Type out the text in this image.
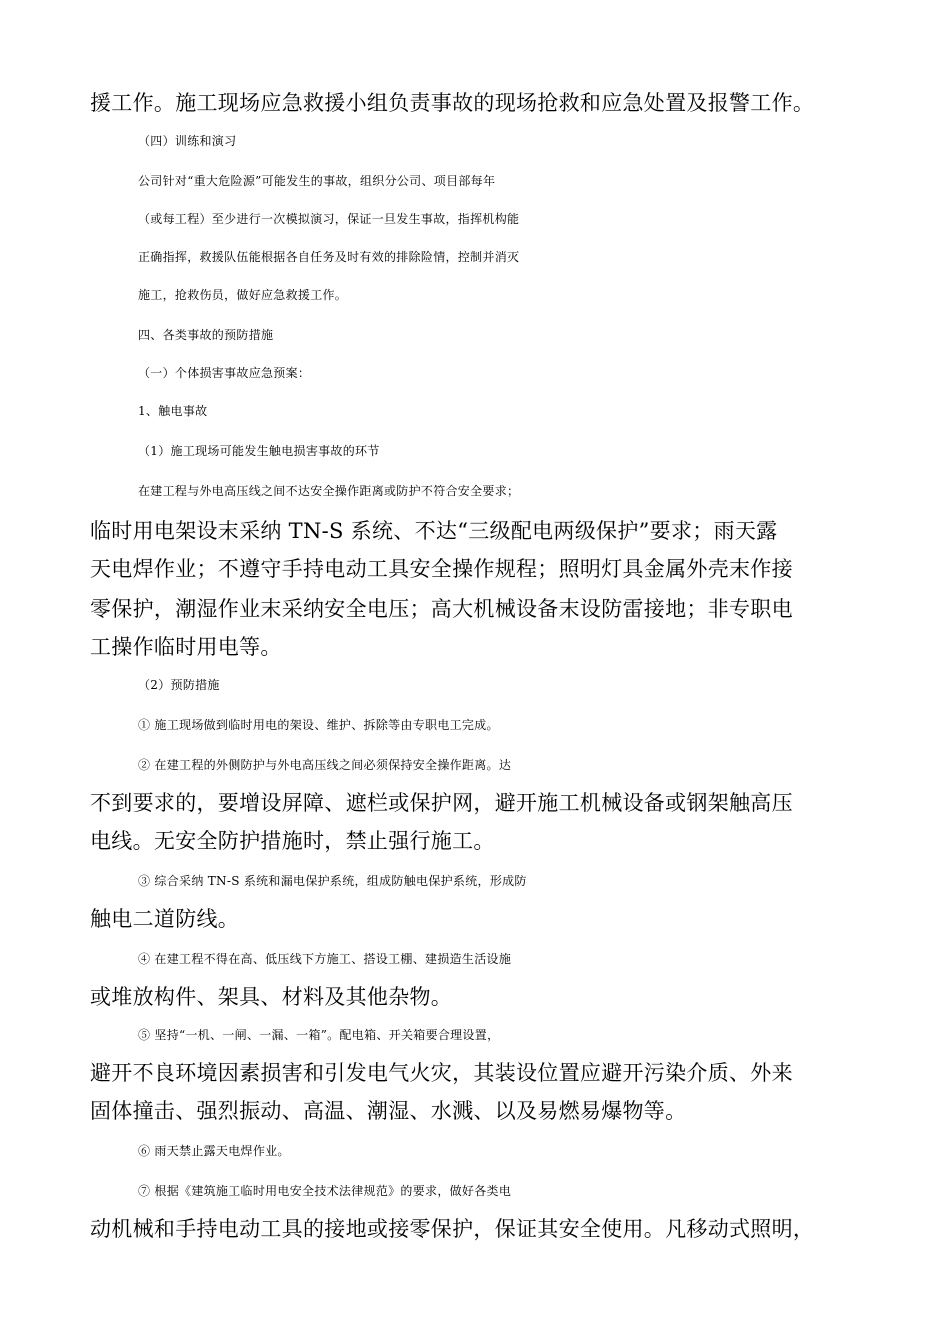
援工作。施工现场应急救援小组负责事故的现场抢救和应急处置及报警工作。
（四）训练和演习
公司针对“重大危险源”可能发生的事故，组织分公司、项目部每年
（或每工程）至少进行一次模拟演习，保证一旦发生事故，指挥机构能
正确指挥，救援队伍能根据各自任务及时有效的排除险情，控制并消灭
施工，抢救伤员，做好应急救援工作。
四、各类事故的预防措施
（一）个体损害事故应急预案：
1、触电事故
（1）施工现场可能发生触电损害事故的环节
在建工程与外电高压线之间不达安全操作距离或防护不符合安全要求；
临时用电架设末采纳 TN-S 系统、不达“三级配电两级保护”要求；雨天露
天电焊作业；不遵守手持电动工具安全操作规程；照明灯具金属外壳末作接
零保护，潮湿作业末采纳安全电压；高大机械设备末设防雷接地；非专职电
工操作临时用电等。
（2）预防措施
① 施工现场做到临时用电的架设、维护、拆除等由专职电工完成。
② 在建工程的外侧防护与外电高压线之间必须保持安全操作距离。达
不到要求的，要增设屏障、遮栏或保护网，避开施工机械设备或钢架触高压
电线。无安全防护措施时，禁止强行施工。
③ 综合采纳 TN-S 系统和漏电保护系统，组成防触电保护系统，形成防
触电二道防线。
④ 在建工程不得在高、低压线下方施工、搭设工棚、建损造生活设施
或堆放构件、架具、材料及其他杂物。
⑤ 坚持“一机、一闸、一漏、一箱”。配电箱、开关箱要合理设置，
避开不良环境因素损害和引发电气火灾，其装设位置应避开污染介质、外来
固体撞击、强烈振动、高温、潮湿、水溅、以及易燃易爆物等。
⑥ 雨天禁止露天电焊作业。
⑦ 根据《建筑施工临时用电安全技术法律规范》的要求，做好各类电
动机械和手持电动工具的接地或接零保护，保证其安全使用。凡移动式照明，
